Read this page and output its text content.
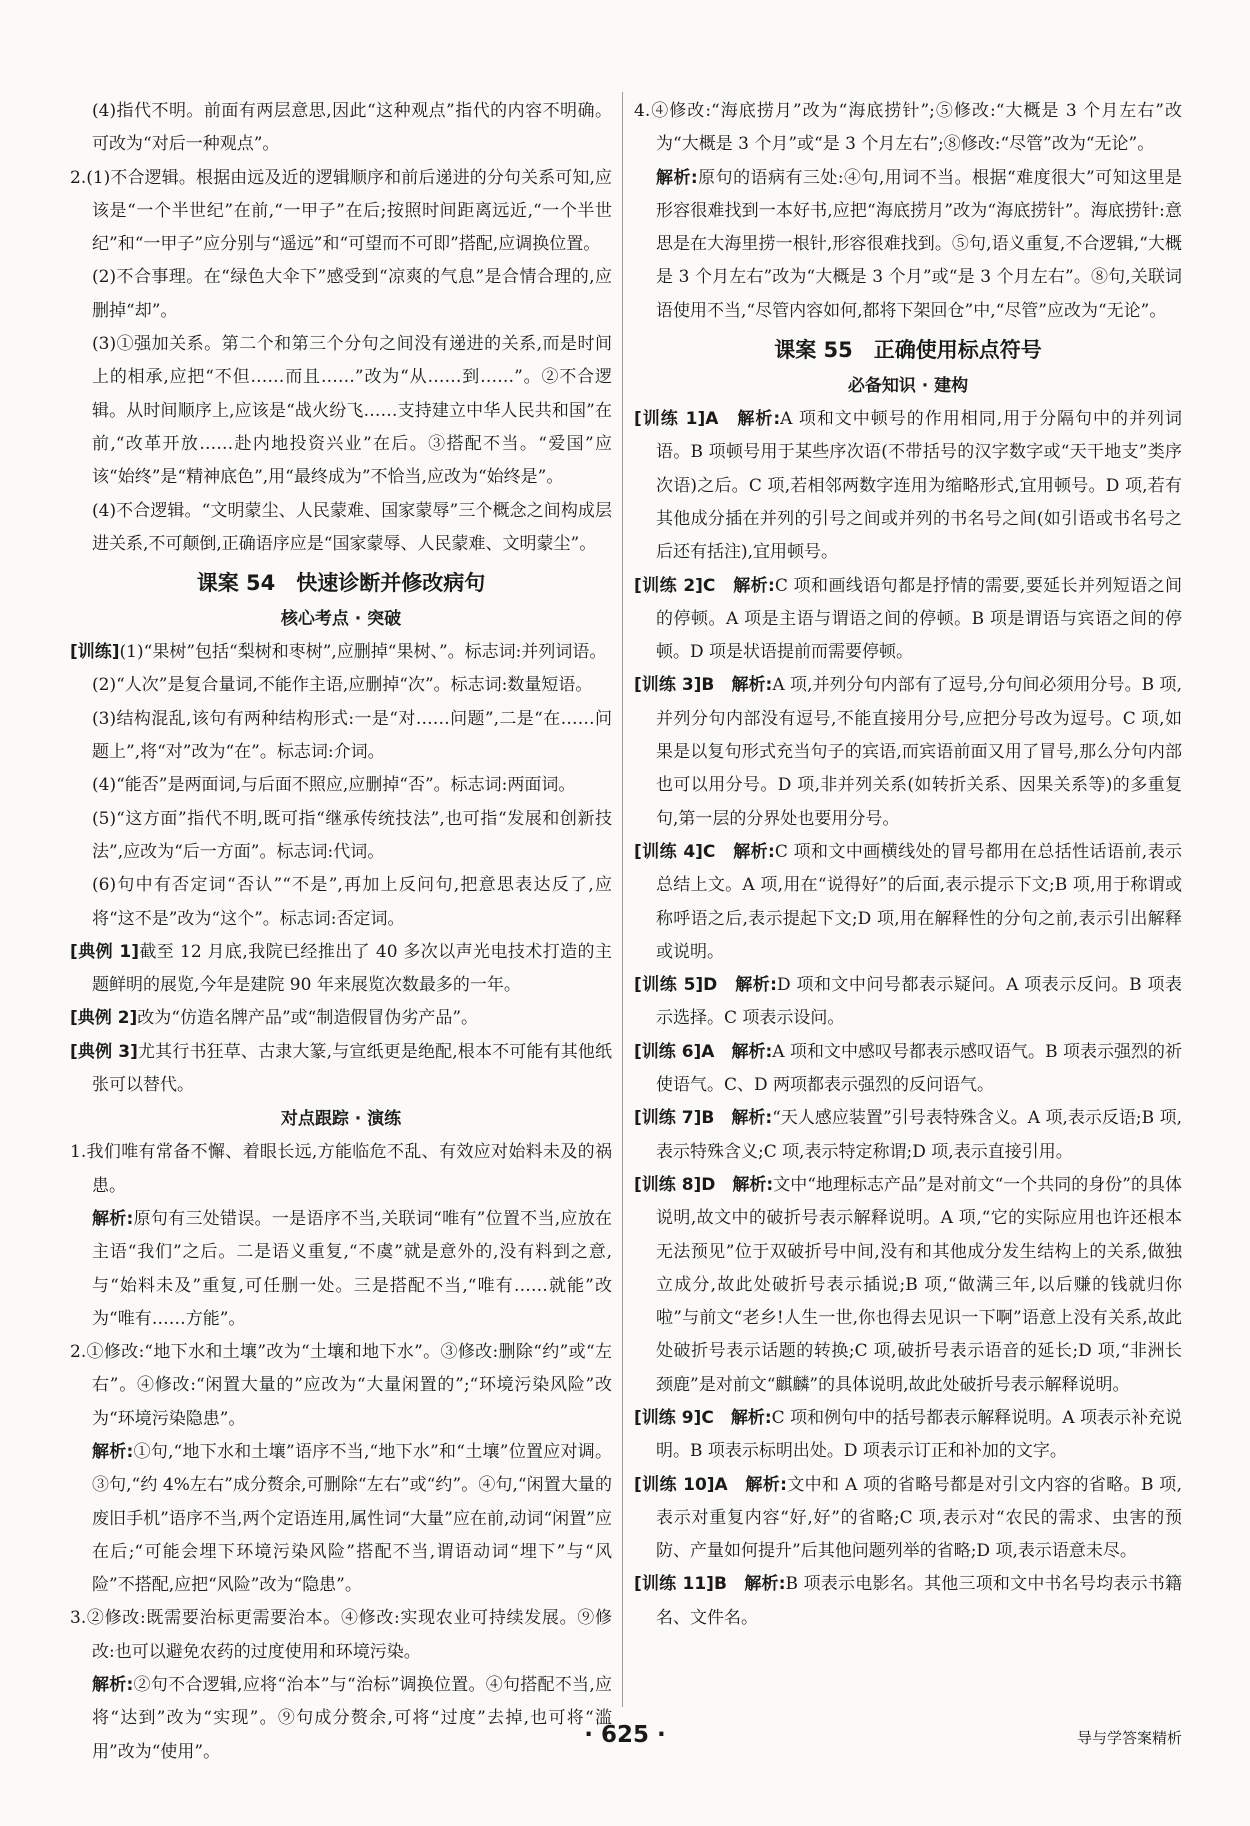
(4)指代不明。前面有两层意思,因此“这种观点”指代的内容不明确。可改为“对后一种观点”。

2.(1)不合逻辑。根据由远及近的逻辑顺序和前后递进的分句关系可知,应该是“一个半世纪”在前,“一甲子”在后;按照时间距离远近,“一个半世纪”和“一甲子”应分别与“遥远”和“可望而不可即”搭配,应调换位置。

(2)不合事理。在“绿色大伞下”感受到“凉爽的气息”是合情合理的,应删掉“却”。

(3)①强加关系。第二个和第三个分句之间没有递进的关系,而是时间上的相承,应把“不但……而且……”改为“从……到……”。②不合逻辑。从时间顺序上,应该是“战火纷飞……支持建立中华人民共和国”在前,“改革开放……赴内地投资兴业”在后。③搭配不当。“爱国”应该“始终”是“精神底色”,用“最终成为”不恰当,应改为“始终是”。

(4)不合逻辑。“文明蒙尘、人民蒙难、国家蒙辱”三个概念之间构成层进关系,不可颠倒,正确语序应是“国家蒙辱、人民蒙难、文明蒙尘”。

课案 54　快速诊断并修改病句
核心考点 · 突破

[训练](1)“果树”包括“梨树和枣树”,应删掉“果树、”。标志词:并列词语。

(2)“人次”是复合量词,不能作主语,应删掉“次”。标志词:数量短语。

(3)结构混乱,该句有两种结构形式:一是“对……问题”,二是“在……问题上”,将“对”改为“在”。标志词:介词。

(4)“能否”是两面词,与后面不照应,应删掉“否”。标志词:两面词。

(5)“这方面”指代不明,既可指“继承传统技法”,也可指“发展和创新技法”,应改为“后一方面”。标志词:代词。

(6)句中有否定词“否认”“不是”,再加上反问句,把意思表达反了,应将“这不是”改为“这个”。标志词:否定词。

[典例 1]截至 12 月底,我院已经推出了 40 多次以声光电技术打造的主题鲜明的展览,今年是建院 90 年来展览次数最多的一年。

[典例 2]改为“仿造名牌产品”或“制造假冒伪劣产品”。

[典例 3]尤其行书狂草、古隶大篆,与宣纸更是绝配,根本不可能有其他纸张可以替代。

对点跟踪 · 演练

1.我们唯有常备不懈、着眼长远,方能临危不乱、有效应对始料未及的祸患。

解析:原句有三处错误。一是语序不当,关联词“唯有”位置不当,应放在主语“我们”之后。二是语义重复,“不虞”就是意外的,没有料到之意,与“始料未及”重复,可任删一处。三是搭配不当,“唯有……就能”改为“唯有……方能”。

2.①修改:“地下水和土壤”改为“土壤和地下水”。③修改:删除“约”或“左右”。④修改:“闲置大量的”应改为“大量闲置的”;“环境污染风险”改为“环境污染隐患”。

解析:①句,“地下水和土壤”语序不当,“地下水”和“土壤”位置应对调。③句,“约 4%左右”成分赘余,可删除“左右”或“约”。④句,“闲置大量的废旧手机”语序不当,两个定语连用,属性词“大量”应在前,动词“闲置”应在后;“可能会埋下环境污染风险”搭配不当,谓语动词“埋下”与“风险”不搭配,应把“风险”改为“隐患”。

3.②修改:既需要治标更需要治本。④修改:实现农业可持续发展。⑨修改:也可以避免农药的过度使用和环境污染。

解析:②句不合逻辑,应将“治本”与“治标”调换位置。④句搭配不当,应将“达到”改为“实现”。⑨句成分赘余,可将“过度”去掉,也可将“滥用”改为“使用”。

4.④修改:“海底捞月”改为“海底捞针”;⑤修改:“大概是 3 个月左右”改为“大概是 3 个月”或“是 3 个月左右”;⑧修改:“尽管”改为“无论”。

解析:原句的语病有三处:④句,用词不当。根据“难度很大”可知这里是形容很难找到一本好书,应把“海底捞月”改为“海底捞针”。海底捞针:意思是在大海里捞一根针,形容很难找到。⑤句,语义重复,不合逻辑,“大概是 3 个月左右”改为“大概是 3 个月”或“是 3 个月左右”。⑧句,关联词语使用不当,“尽管内容如何,都将下架回仓”中,“尽管”应改为“无论”。

课案 55　正确使用标点符号
必备知识 · 建构

[训练 1]A　解析:A 项和文中顿号的作用相同,用于分隔句中的并列词语。B 项顿号用于某些序次语(不带括号的汉字数字或“天干地支”类序次语)之后。C 项,若相邻两数字连用为缩略形式,宜用顿号。D 项,若有其他成分插在并列的引号之间或并列的书名号之间(如引语或书名号之后还有括注),宜用顿号。

[训练 2]C　解析:C 项和画线语句都是抒情的需要,要延长并列短语之间的停顿。A 项是主语与谓语之间的停顿。B 项是谓语与宾语之间的停顿。D 项是状语提前而需要停顿。

[训练 3]B　解析:A 项,并列分句内部有了逗号,分句间必须用分号。B 项,并列分句内部没有逗号,不能直接用分号,应把分号改为逗号。C 项,如果是以复句形式充当句子的宾语,而宾语前面又用了冒号,那么分句内部也可以用分号。D 项,非并列关系(如转折关系、因果关系等)的多重复句,第一层的分界处也要用分号。

[训练 4]C　解析:C 项和文中画横线处的冒号都用在总括性话语前,表示总结上文。A 项,用在“说得好”的后面,表示提示下文;B 项,用于称谓或称呼语之后,表示提起下文;D 项,用在解释性的分句之前,表示引出解释或说明。

[训练 5]D　解析:D 项和文中问号都表示疑问。A 项表示反问。B 项表示选择。C 项表示设问。

[训练 6]A　解析:A 项和文中感叹号都表示感叹语气。B 项表示强烈的祈使语气。C、D 两项都表示强烈的反问语气。

[训练 7]B　解析:“天人感应装置”引号表特殊含义。A 项,表示反语;B 项,表示特殊含义;C 项,表示特定称谓;D 项,表示直接引用。

[训练 8]D　解析:文中“地理标志产品”是对前文“一个共同的身份”的具体说明,故文中的破折号表示解释说明。A 项,“它的实际应用也许还根本无法预见”位于双破折号中间,没有和其他成分发生结构上的关系,做独立成分,故此处破折号表示插说;B 项,“做满三年,以后赚的钱就归你啦”与前文“老乡!人生一世,你也得去见识一下啊”语意上没有关系,故此处破折号表示话题的转换;C 项,破折号表示语音的延长;D 项,“非洲长颈鹿”是对前文“麒麟”的具体说明,故此处破折号表示解释说明。

[训练 9]C　解析:C 项和例句中的括号都表示解释说明。A 项表示补充说明。B 项表示标明出处。D 项表示订正和补加的文字。

[训练 10]A　解析:文中和 A 项的省略号都是对引文内容的省略。B 项,表示对重复内容“好,好”的省略;C 项,表示对“农民的需求、虫害的预防、产量如何提升”后其他问题列举的省略;D 项,表示语意未尽。

[训练 11]B　解析:B 项表示电影名。其他三项和文中书名号均表示书籍名、文件名。

· 625 ·	导与学答案精析
